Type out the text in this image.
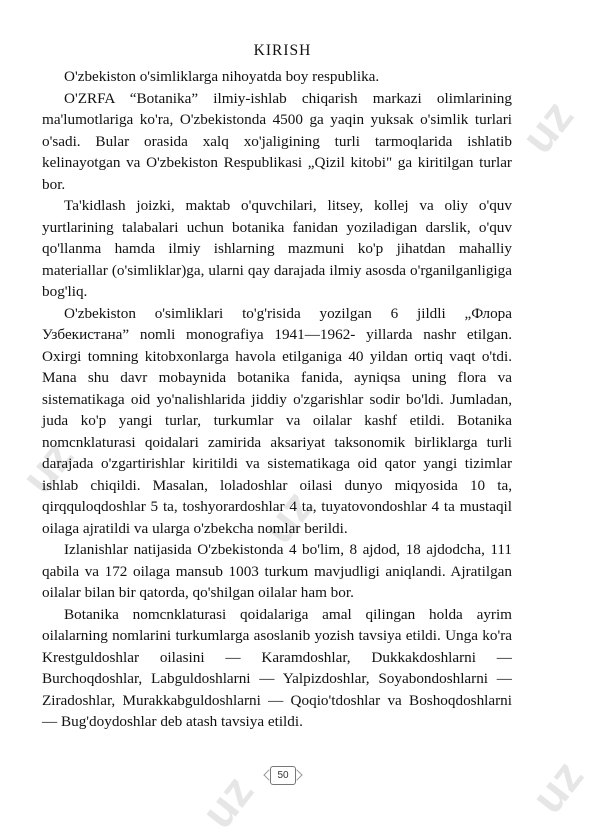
uz
uz
uz
uz	uz
KIRISH

O'zbekiston o'simliklarga nihoyatda boy respublika.

O'ZRFA “Botanika” ilmiy-ishlab chiqarish markazi olimlarining ma'lumotlariga ko'ra, O'zbekistonda 4500 ga yaqin yuksak o'simlik turlari o'sadi. Bular orasida xalq xo'jaligining turli tarmoqlarida ishlatib kelinayotgan va O'zbekiston Respublikasi „Qizil kitobi" ga kiritilgan turlar bor.

Ta'kidlash joizki, maktab o'quvchilari, litsey, kollej va oliy o'quv yurtlarining talabalari uchun botanika fanidan yoziladigan darslik, o'quv qo'llanma hamda ilmiy ishlarning mazmuni ko'p jihatdan mahalliy materiallar (o'simliklar)ga, ularni qay darajada ilmiy asosda o'rganilganligiga bog'liq.

O'zbekiston o'simliklari to'g'risida yozilgan 6 jildli „Флора Узбекистана” nomli monografiya 1941—1962- yillarda nashr etilgan. Oxirgi tomning kitobxonlarga havola etilganiga 40 yildan ortiq vaqt o'tdi. Mana shu davr mobaynida botanika fanida, ayniqsa uning flora va sistematikaga oid yo'nalishlarida jiddiy o'zgarishlar sodir bo'ldi. Jumladan, juda ko'p yangi turlar, turkumlar va oilalar kashf etildi. Botanika nomcnklaturasi qoidalari zamirida aksariyat taksonomik birliklarga turli darajada o'zgartirishlar kiritildi va sistematikaga oid qator yangi tizimlar ishlab chiqildi. Masalan, loladoshlar oilasi dunyo miqyosida 10 ta, qirqquloqdoshlar 5 ta, toshyorardoshlar 4 ta, tuyatovondoshlar 4 ta mustaqil oilaga ajratildi va ularga o'zbekcha nomlar berildi.

Izlanishlar natijasida O'zbekistonda 4 bo'lim, 8 ajdod, 18 ajdodcha, 111 qabila va 172 oilaga mansub 1003 turkum mavjudligi aniqlandi. Ajratilgan oilalar bilan bir qatorda, qo'shilgan oilalar ham bor.

Botanika nomcnklaturasi qoidalariga amal qilingan holda ayrim oilalarning nomlarini turkumlarga asoslanib yozish tavsiya etildi. Unga ko'ra Krestguldoshlar oilasini — Karamdoshlar, Dukkakdoshlarni — Burchoqdoshlar, Labguldoshlarni — Yalpizdoshlar, Soyabondoshlarni — Ziradoshlar, Murakkabguldoshlarni — Qoqio'tdoshlar va Boshoqdoshlarni — Bug'doydoshlar deb atash tavsiya etildi.

50
